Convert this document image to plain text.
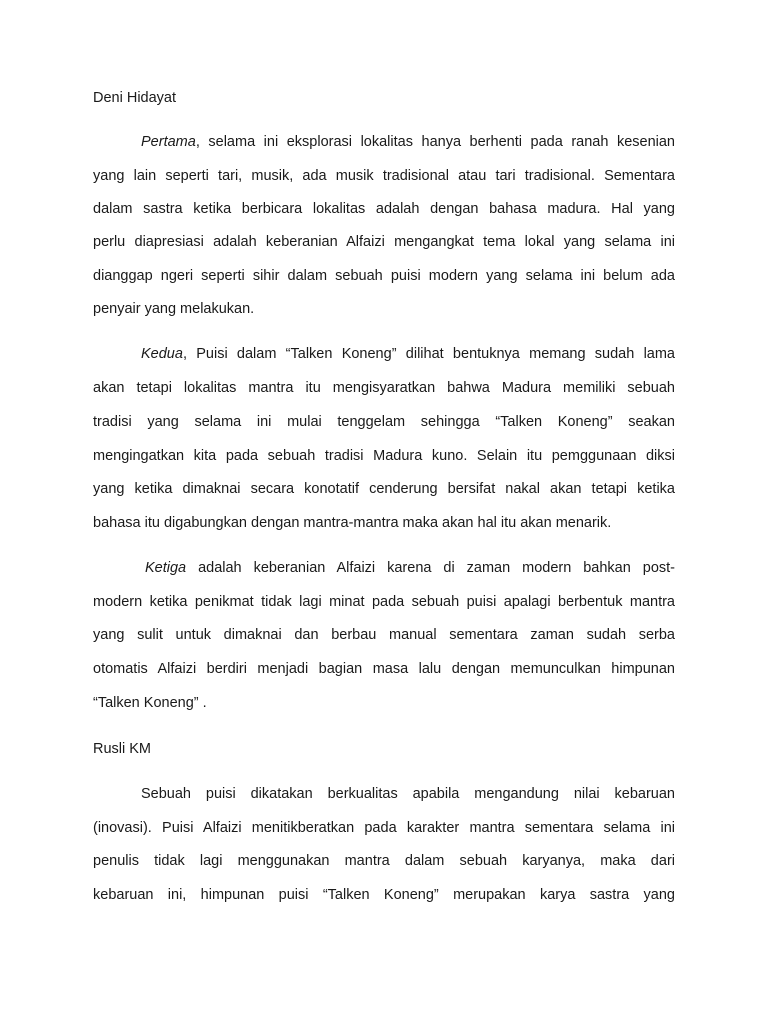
Deni Hidayat
Pertama, selama ini eksplorasi lokalitas hanya berhenti pada ranah kesenian
yang lain seperti tari, musik, ada musik tradisional atau tari tradisional. Sementara
dalam sastra ketika berbicara lokalitas adalah dengan bahasa madura. Hal yang
perlu diapresiasi adalah keberanian Alfaizi mengangkat tema lokal yang selama ini
dianggap ngeri seperti sihir dalam sebuah puisi modern yang selama ini belum ada
penyair yang melakukan.
Kedua, Puisi dalam “Talken Koneng” dilihat bentuknya memang sudah lama
akan tetapi lokalitas mantra itu mengisyaratkan bahwa Madura memiliki sebuah
tradisi yang selama ini mulai tenggelam sehingga “Talken Koneng” seakan
mengingatkan kita pada sebuah tradisi Madura kuno. Selain itu pemggunaan diksi
yang ketika dimaknai secara konotatif cenderung bersifat nakal akan tetapi ketika
bahasa itu digabungkan dengan mantra-mantra maka akan hal itu akan menarik.
Ketiga adalah keberanian Alfaizi karena di zaman modern bahkan post-
modern ketika penikmat tidak lagi minat pada sebuah puisi apalagi berbentuk mantra
yang sulit untuk dimaknai dan berbau manual sementara zaman sudah serba
otomatis Alfaizi berdiri menjadi bagian masa lalu dengan memunculkan himpunan
“Talken Koneng” .
Rusli KM
Sebuah puisi dikatakan berkualitas apabila mengandung nilai kebaruan
(inovasi). Puisi Alfaizi menitikberatkan pada karakter mantra sementara selama ini
penulis tidak lagi menggunakan mantra dalam sebuah karyanya, maka dari
kebaruan ini, himpunan puisi “Talken Koneng” merupakan karya sastra yang
